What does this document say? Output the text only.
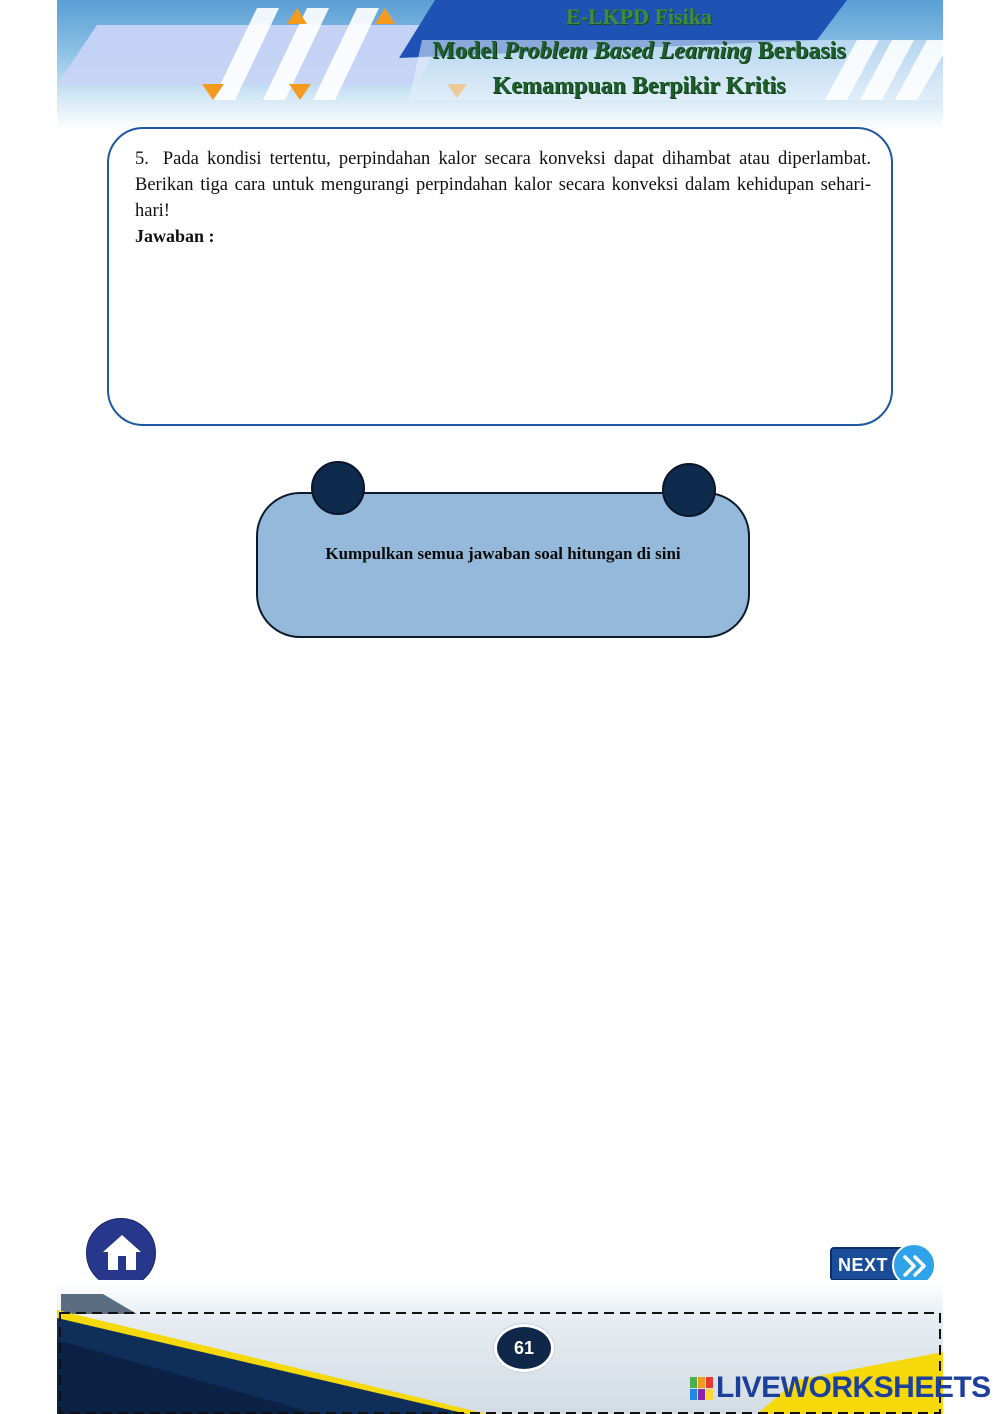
E-LKPD Fisika
Model Problem Based Learning Berbasis
Kemampuan Berpikir Kritis
5. Pada kondisi tertentu, perpindahan kalor secara konveksi dapat dihambat atau diperlambat. Berikan tiga cara untuk mengurangi perpindahan kalor secara konveksi dalam kehidupan sehari-hari!
Jawaban :
Kumpulkan semua jawaban soal hitungan di sini
NEXT
61
LIVEWORKSHEETS
